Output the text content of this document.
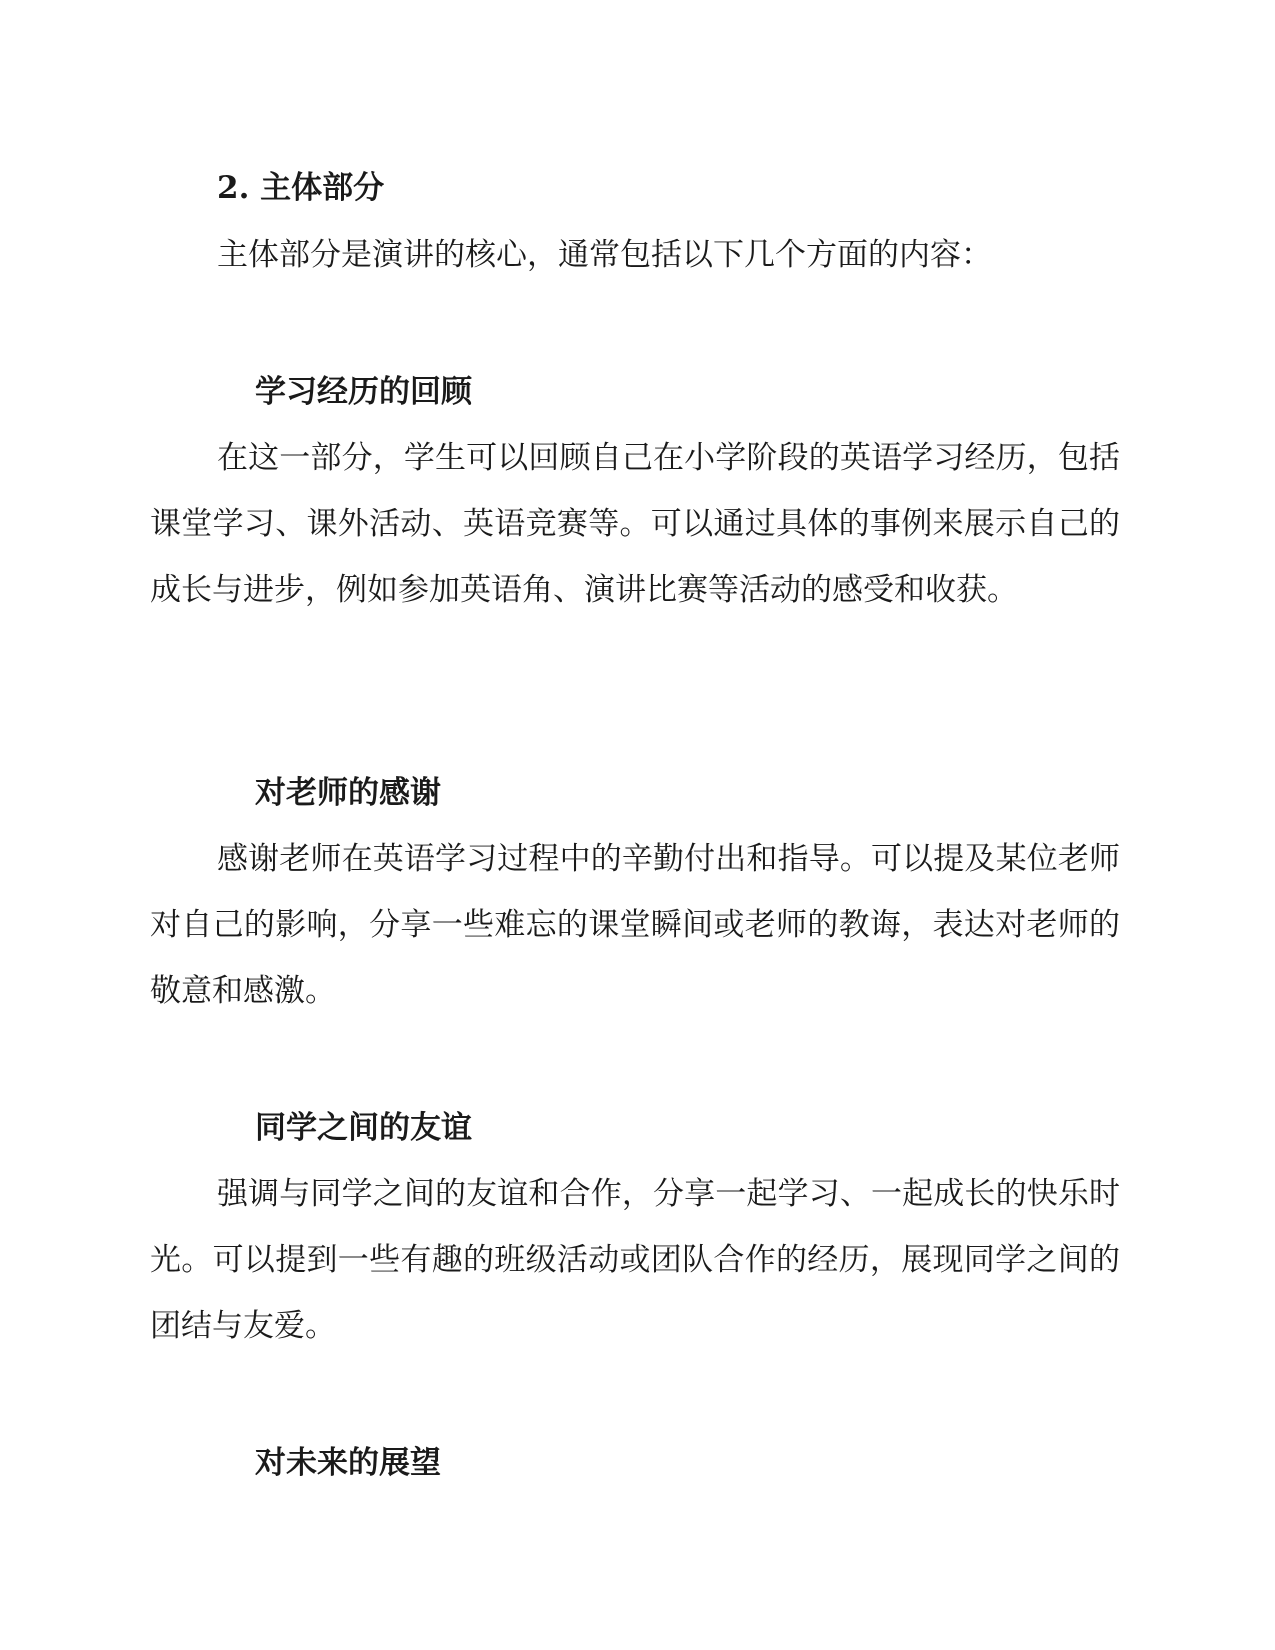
2. 主体部分

主体部分是演讲的核心，通常包括以下几个方面的内容：

学习经历的回顾

在这一部分，学生可以回顾自己在小学阶段的英语学习经历，包括课堂学习、课外活动、英语竞赛等。可以通过具体的事例来展示自己的成长与进步，例如参加英语角、演讲比赛等活动的感受和收获。

对老师的感谢

感谢老师在英语学习过程中的辛勤付出和指导。可以提及某位老师对自己的影响，分享一些难忘的课堂瞬间或老师的教诲，表达对老师的敬意和感激。

同学之间的友谊

强调与同学之间的友谊和合作，分享一起学习、一起成长的快乐时光。可以提到一些有趣的班级活动或团队合作的经历，展现同学之间的团结与友爱。

对未来的展望
